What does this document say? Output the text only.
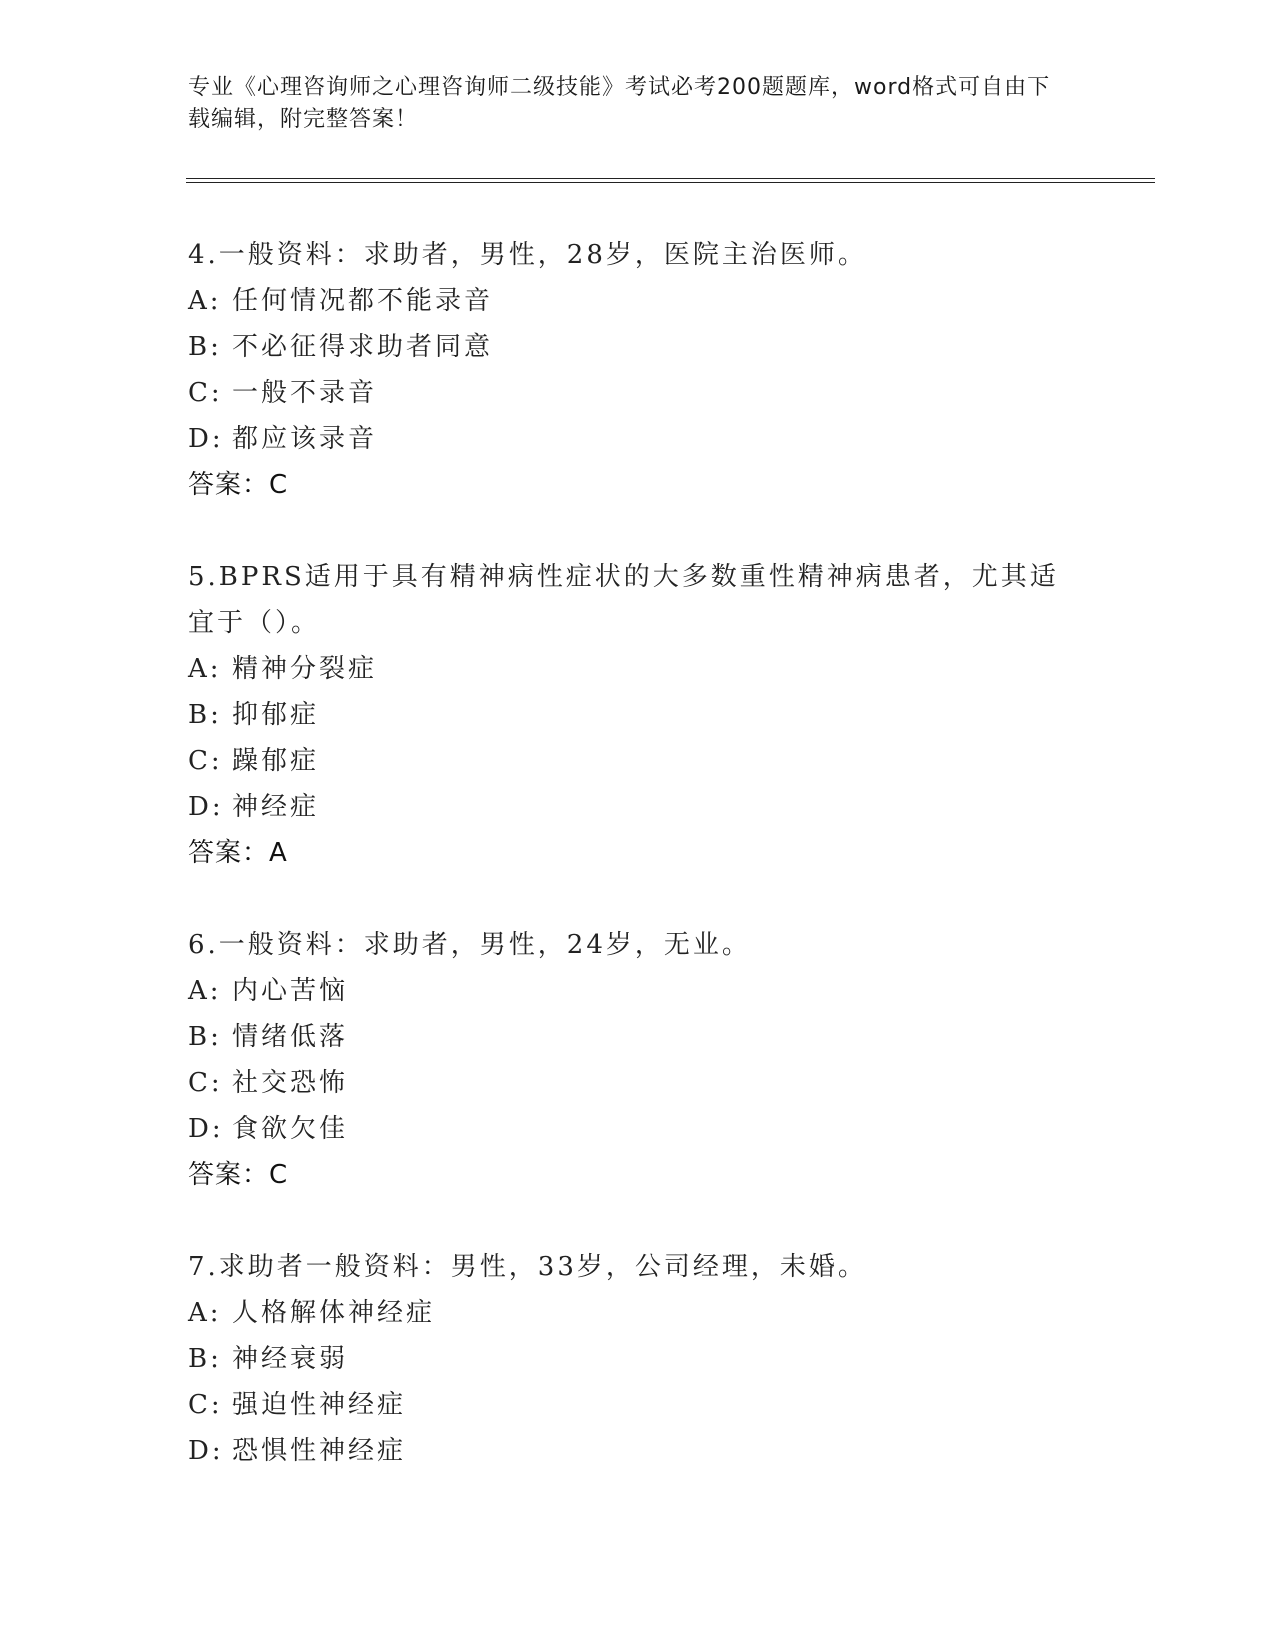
专业《心理咨询师之心理咨询师二级技能》考试必考200题题库，word格式可自由下载编辑，附完整答案！
4.一般资料：求助者，男性，28岁，医院主治医师。
A: 任何情况都不能录音
B: 不必征得求助者同意
C: 一般不录音
D: 都应该录音
答案：C
5.BPRS适用于具有精神病性症状的大多数重性精神病患者，尤其适宜于（）。
A: 精神分裂症
B: 抑郁症
C: 躁郁症
D: 神经症
答案：A
6.一般资料：求助者，男性，24岁，无业。
A: 内心苦恼
B: 情绪低落
C: 社交恐怖
D: 食欲欠佳
答案：C
7.求助者一般资料：男性，33岁，公司经理，未婚。
A: 人格解体神经症
B: 神经衰弱
C: 强迫性神经症
D: 恐惧性神经症
